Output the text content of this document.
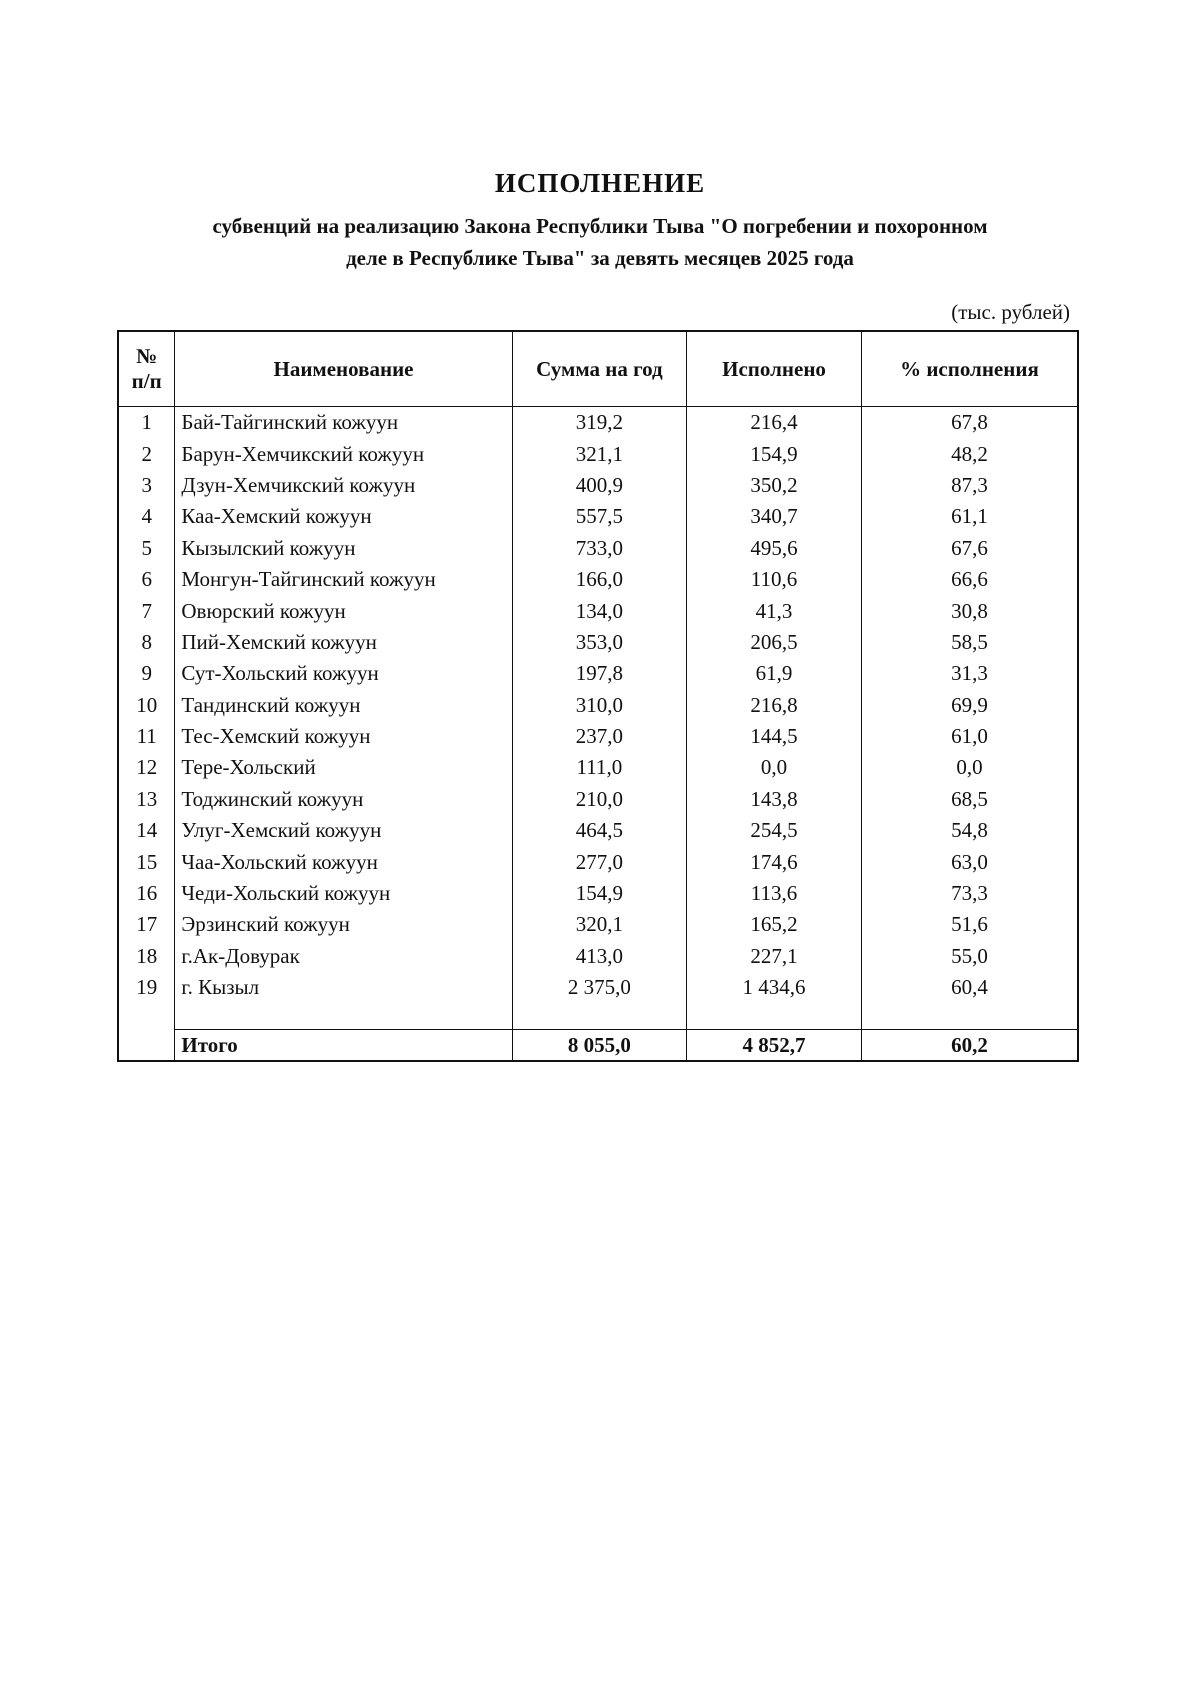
ИСПОЛНЕНИЕ
субвенций на реализацию Закона Республики Тыва "О погребении и похоронном
деле в Республике Тыва" за девять месяцев 2025 года
(тыс. рублей)
№
п/п	Наименование	Сумма на год	Исполнено	% исполнения
1	Бай-Тайгинский кожуун	319,2	216,4	67,8
2	Барун-Хемчикский кожуун	321,1	154,9	48,2
3	Дзун-Хемчикский кожуун	400,9	350,2	87,3
4	Каа-Хемский кожуун	557,5	340,7	61,1
5	Кызылский кожуун	733,0	495,6	67,6
6	Монгун-Тайгинский кожуун	166,0	110,6	66,6
7	Овюрский кожуун	134,0	41,3	30,8
8	Пий-Хемский кожуун	353,0	206,5	58,5
9	Сут-Хольский кожуун	197,8	61,9	31,3
10	Тандинский кожуун	310,0	216,8	69,9
11	Тес-Хемский кожуун	237,0	144,5	61,0
12	Тере-Хольский	111,0	0,0	0,0
13	Тоджинский кожуун	210,0	143,8	68,5
14	Улуг-Хемский кожуун	464,5	254,5	54,8
15	Чаа-Хольский кожуун	277,0	174,6	63,0
16	Чеди-Хольский кожуун	154,9	113,6	73,3
17	Эрзинский кожуун	320,1	165,2	51,6
18	г.Ак-Довурак	413,0	227,1	55,0
19	г. Кызыл	2 375,0	1 434,6	60,4

	Итого	8 055,0	4 852,7	60,2
